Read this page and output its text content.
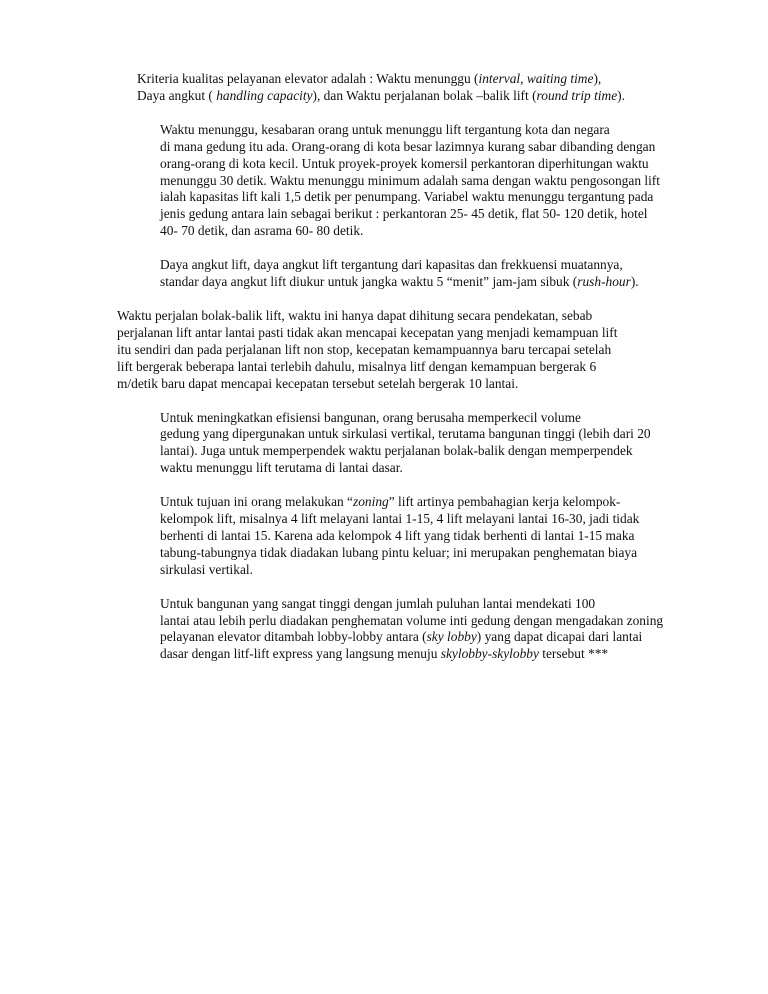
Kriteria kualitas pelayanan elevator adalah : Waktu menunggu (interval, waiting time),
Daya angkut ( handling capacity), dan Waktu perjalanan bolak –balik lift (round trip time).

Waktu menunggu, kesabaran orang untuk menunggu lift tergantung kota dan negara
di mana gedung itu ada. Orang-orang di kota besar lazimnya kurang sabar dibanding dengan
orang-orang di kota kecil. Untuk proyek-proyek komersil perkantoran diperhitungan waktu
menunggu 30 detik. Waktu menunggu minimum adalah sama dengan waktu pengosongan lift
ialah kapasitas lift kali 1,5 detik per penumpang. Variabel waktu menunggu tergantung pada
jenis gedung antara lain sebagai berikut : perkantoran 25- 45 detik, flat 50- 120 detik, hotel
40- 70 detik, dan asrama 60- 80 detik.

Daya angkut lift, daya angkut lift tergantung dari kapasitas dan frekkuensi muatannya,
standar daya angkut lift diukur untuk jangka waktu 5 “menit” jam-jam sibuk (rush-hour).

Waktu perjalan bolak-balik lift, waktu ini hanya dapat dihitung secara pendekatan, sebab
perjalanan lift antar lantai pasti tidak akan mencapai kecepatan yang menjadi kemampuan lift
itu sendiri dan pada perjalanan lift non stop, kecepatan kemampuannya baru tercapai setelah
lift bergerak beberapa lantai terlebih dahulu, misalnya litf dengan kemampuan bergerak 6
m/detik baru dapat mencapai kecepatan tersebut setelah bergerak 10 lantai.

Untuk meningkatkan efisiensi bangunan, orang berusaha memperkecil volume
gedung yang dipergunakan untuk sirkulasi vertikal, terutama bangunan tinggi (lebih dari 20
lantai). Juga untuk memperpendek waktu perjalanan bolak-balik dengan memperpendek
waktu menunggu lift terutama di lantai dasar.

Untuk tujuan ini orang melakukan “zoning” lift artinya pembahagian kerja kelompok-
kelompok lift, misalnya 4 lift melayani lantai 1-15, 4 lift melayani lantai 16-30, jadi tidak
berhenti di lantai 15. Karena ada kelompok 4 lift yang tidak berhenti di lantai 1-15 maka
tabung-tabungnya tidak diadakan lubang pintu keluar; ini merupakan penghematan biaya
sirkulasi vertikal.

Untuk bangunan yang sangat tinggi dengan jumlah puluhan lantai mendekati 100
lantai atau lebih perlu diadakan penghematan volume inti gedung dengan mengadakan zoning
pelayanan elevator ditambah lobby-lobby antara (sky lobby) yang dapat dicapai dari lantai
dasar dengan litf-lift express yang langsung menuju skylobby-skylobby tersebut ***
